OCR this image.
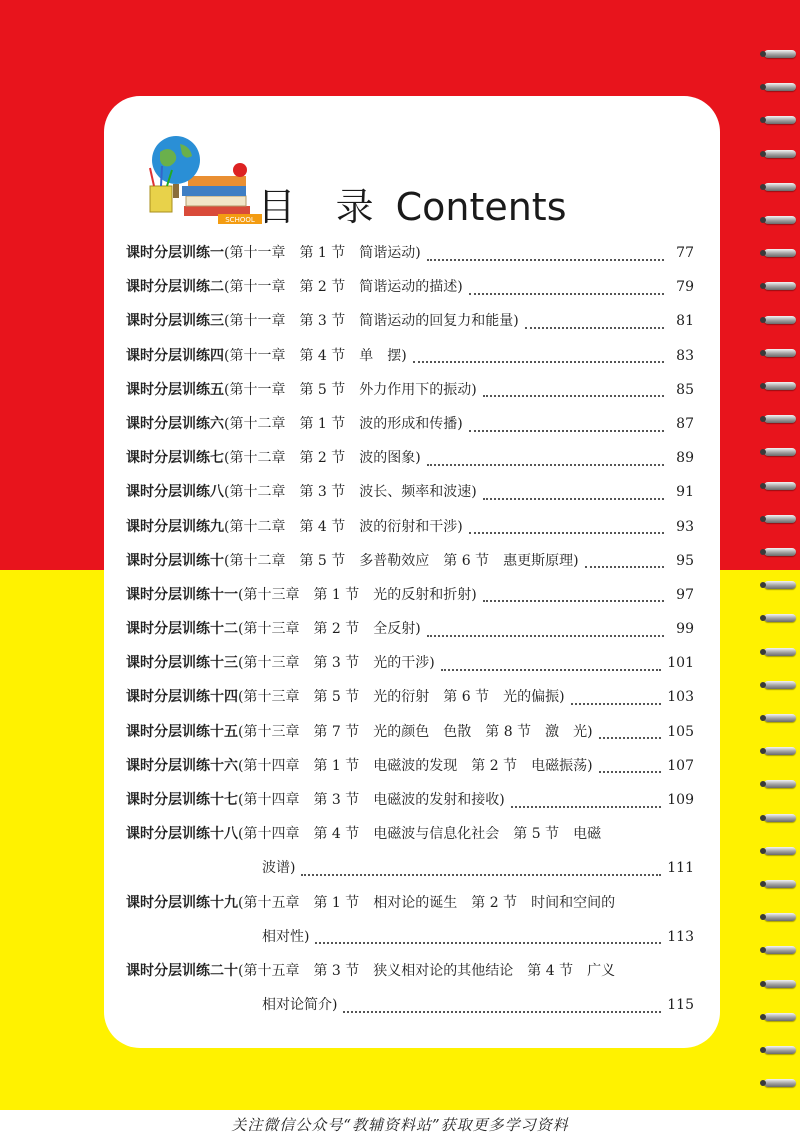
SCHOOL 目 录 Contents
课时分层训练一 (第十一章　第 1 节　简谐运动)	77
课时分层训练二 (第十一章　第 2 节　简谐运动的描述)	79
课时分层训练三 (第十一章　第 3 节　简谐运动的回复力和能量)	81
课时分层训练四 (第十一章　第 4 节　单　摆)	83
课时分层训练五 (第十一章　第 5 节　外力作用下的振动)	85
课时分层训练六 (第十二章　第 1 节　波的形成和传播)	87
课时分层训练七 (第十二章　第 2 节　波的图象)	89
课时分层训练八 (第十二章　第 3 节　波长、频率和波速)	91
课时分层训练九 (第十二章　第 4 节　波的衍射和干涉)	93
课时分层训练十 (第十二章　第 5 节　多普勒效应　第 6 节　惠更斯原理)	95
课时分层训练十一 (第十三章　第 1 节　光的反射和折射)	97
课时分层训练十二 (第十三章　第 2 节　全反射)	99
课时分层训练十三 (第十三章　第 3 节　光的干涉)	101
课时分层训练十四 (第十三章　第 5 节　光的衍射　第 6 节　光的偏振)	103
课时分层训练十五 (第十三章　第 7 节　光的颜色　色散　第 8 节　激　光)	105
课时分层训练十六 (第十四章　第 1 节　电磁波的发现　第 2 节　电磁振荡)	107
课时分层训练十七 (第十四章　第 3 节　电磁波的发射和接收)	109
课时分层训练十八 (第十四章　第 4 节　电磁波与信息化社会　第 5 节　电磁
波谱)	111
课时分层训练十九 (第十五章　第 1 节　相对论的诞生　第 2 节　时间和空间的
相对性)	113
课时分层训练二十 (第十五章　第 3 节　狭义相对论的其他结论　第 4 节　广义
相对论简介)	115
关注微信公众号“教辅资料站”获取更多学习资料
